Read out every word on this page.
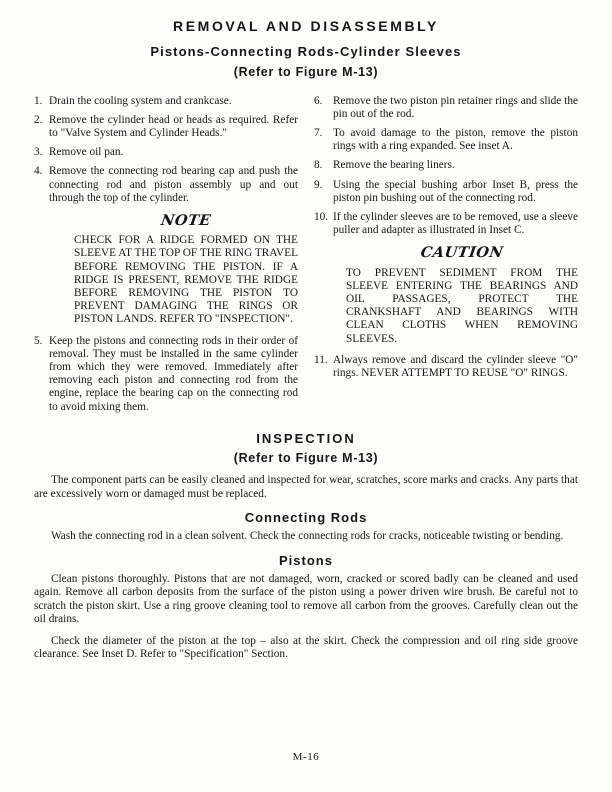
REMOVAL AND DISASSEMBLY
Pistons-Connecting Rods-Cylinder Sleeves
(Refer to Figure M-13)
1. Drain the cooling system and crankcase.
2. Remove the cylinder head or heads as required. Refer to "Valve System and Cylinder Heads."
3. Remove oil pan.
4. Remove the connecting rod bearing cap and push the connecting rod and piston assembly up and out through the top of the cylinder.
NOTE
CHECK FOR A RIDGE FORMED ON THE SLEEVE AT THE TOP OF THE RING TRAVEL BEFORE REMOVING THE PISTON. IF A RIDGE IS PRESENT, REMOVE THE RIDGE BEFORE REMOVING THE PISTON TO PREVENT DAMAGING THE RINGS OR PISTON LANDS. REFER TO "INSPECTION".
5. Keep the pistons and connecting rods in their order of removal. They must be installed in the same cylinder from which they were removed. Immediately after removing each piston and connecting rod from the engine, replace the bearing cap on the connecting rod to avoid mixing them.
6. Remove the two piston pin retainer rings and slide the pin out of the rod.
7. To avoid damage to the piston, remove the piston rings with a ring expanded. See inset A.
8. Remove the bearing liners.
9. Using the special bushing arbor Inset B, press the piston pin bushing out of the connecting rod.
10. If the cylinder sleeves are to be removed, use a sleeve puller and adapter as illustrated in Inset C.
CAUTION
TO PREVENT SEDIMENT FROM THE SLEEVE ENTERING THE BEARINGS AND OIL PASSAGES, PROTECT THE CRANKSHAFT AND BEARINGS WITH CLEAN CLOTHS WHEN REMOVING SLEEVES.
11. Always remove and discard the cylinder sleeve "O" rings. NEVER ATTEMPT TO REUSE "O" RINGS.
INSPECTION
(Refer to Figure M-13)

The component parts can be easily cleaned and inspected for wear, scratches, score marks and cracks. Any parts that are excessively worn or damaged must be replaced.

Connecting Rods

Wash the connecting rod in a clean solvent. Check the connecting rods for cracks, noticeable twisting or bending.

Pistons

Clean pistons thoroughly. Pistons that are not damaged, worn, cracked or scored badly can be cleaned and used again. Remove all carbon deposits from the surface of the piston using a power driven wire brush. Be careful not to scratch the piston skirt. Use a ring groove cleaning tool to remove all carbon from the grooves. Carefully clean out the oil drains.

Check the diameter of the piston at the top – also at the skirt. Check the compression and oil ring side groove clearance. See Inset D. Refer to "Specification" Section.

M-16
